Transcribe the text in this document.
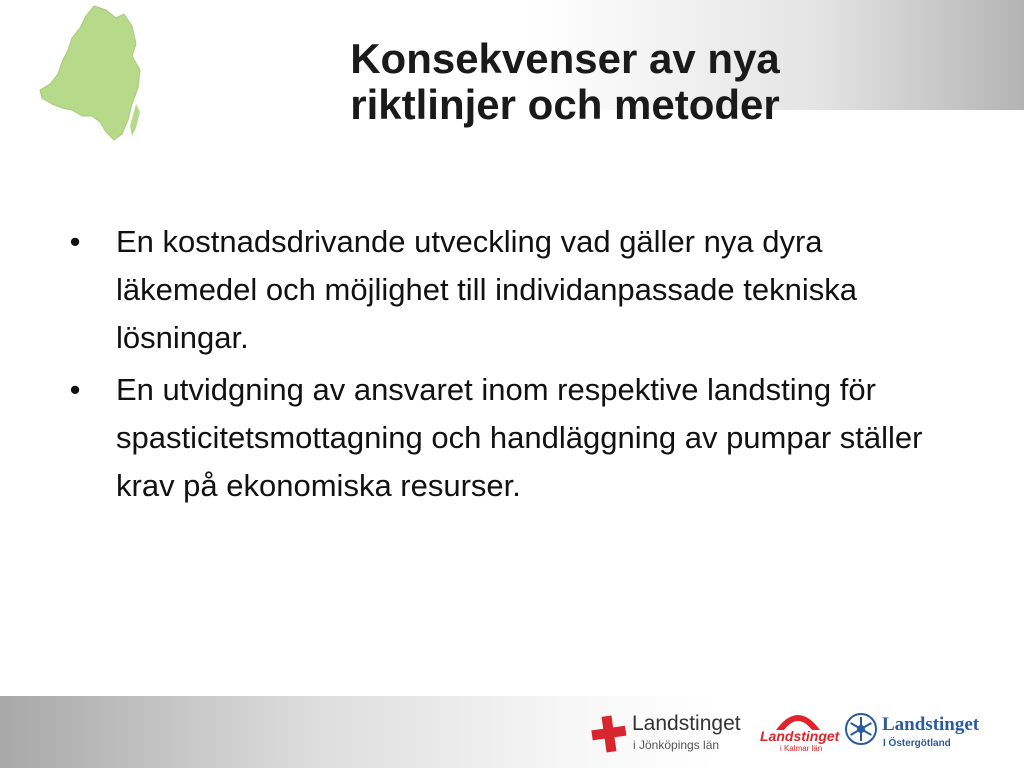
Konsekvenser av nya
riktlinjer och metoder
•	En kostnadsdrivande utveckling vad gäller nya dyra läkemedel och möjlighet till individanpassade tekniska lösningar.
•	En utvidgning av ansvaret inom respektive landsting för spasticitetsmottagning och handläggning av pumpar ställer krav på ekonomiska resurser.
Landstinget
i Jönköpings län
Landstinget
i Kalmar län
Landstinget
I Östergötland
